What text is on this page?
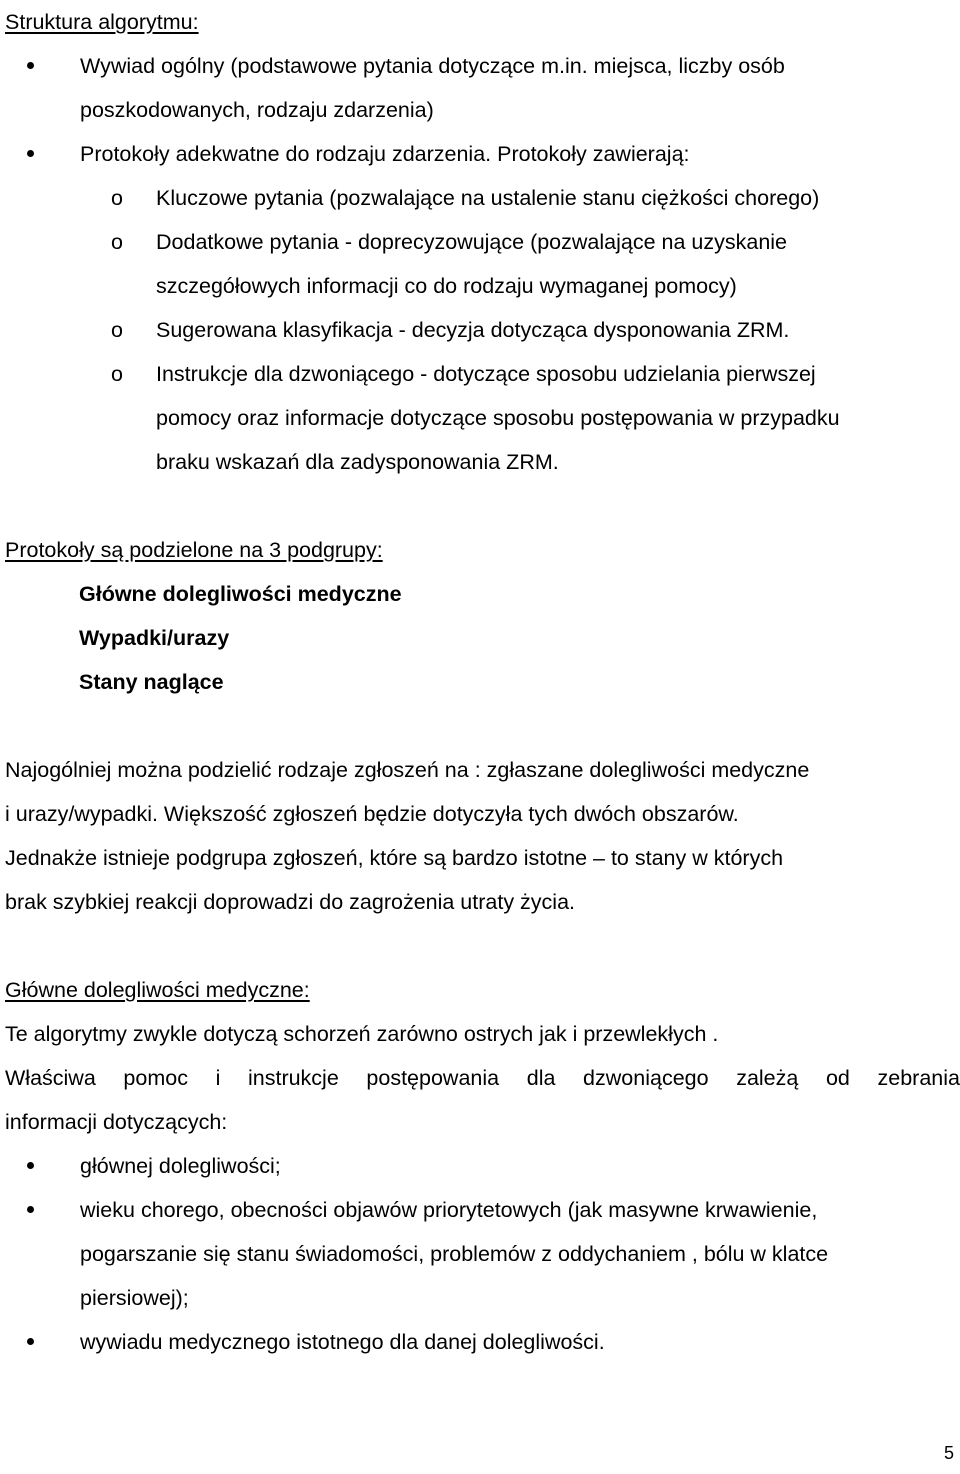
Struktura algorytmu:
Wywiad ogólny (podstawowe pytania dotyczące m.in. miejsca, liczby osób
poszkodowanych, rodzaju zdarzenia)
Protokoły adekwatne do rodzaju zdarzenia. Protokoły zawierają:
o Kluczowe pytania (pozwalające na ustalenie stanu ciężkości chorego)
o Dodatkowe pytania - doprecyzowujące (pozwalające na uzyskanie
szczegółowych informacji co do rodzaju wymaganej pomocy)
o Sugerowana klasyfikacja - decyzja dotycząca dysponowania ZRM.
o Instrukcje dla dzwoniącego - dotyczące sposobu udzielania pierwszej
pomocy oraz informacje dotyczące sposobu postępowania w przypadku
braku wskazań dla zadysponowania ZRM.
Protokoły są podzielone na 3 podgrupy:
Główne dolegliwości medyczne
Wypadki/urazy
Stany naglące
Najogólniej można podzielić rodzaje zgłoszeń na : zgłaszane dolegliwości medyczne
i urazy/wypadki. Większość zgłoszeń będzie dotyczyła tych dwóch obszarów.
Jednakże istnieje podgrupa zgłoszeń, które są bardzo istotne – to stany w których
brak szybkiej reakcji doprowadzi do zagrożenia utraty życia.
Główne dolegliwości medyczne:
Te algorytmy zwykle dotyczą schorzeń zarówno ostrych jak i przewlekłych .
Właściwa pomoc i instrukcje postępowania dla dzwoniącego zależą od zebrania
informacji dotyczących:
głównej dolegliwości;
wieku chorego, obecności objawów priorytetowych (jak masywne krwawienie,
pogarszanie się stanu świadomości, problemów z oddychaniem , bólu w klatce
piersiowej);
wywiadu medycznego istotnego dla danej dolegliwości.
5
